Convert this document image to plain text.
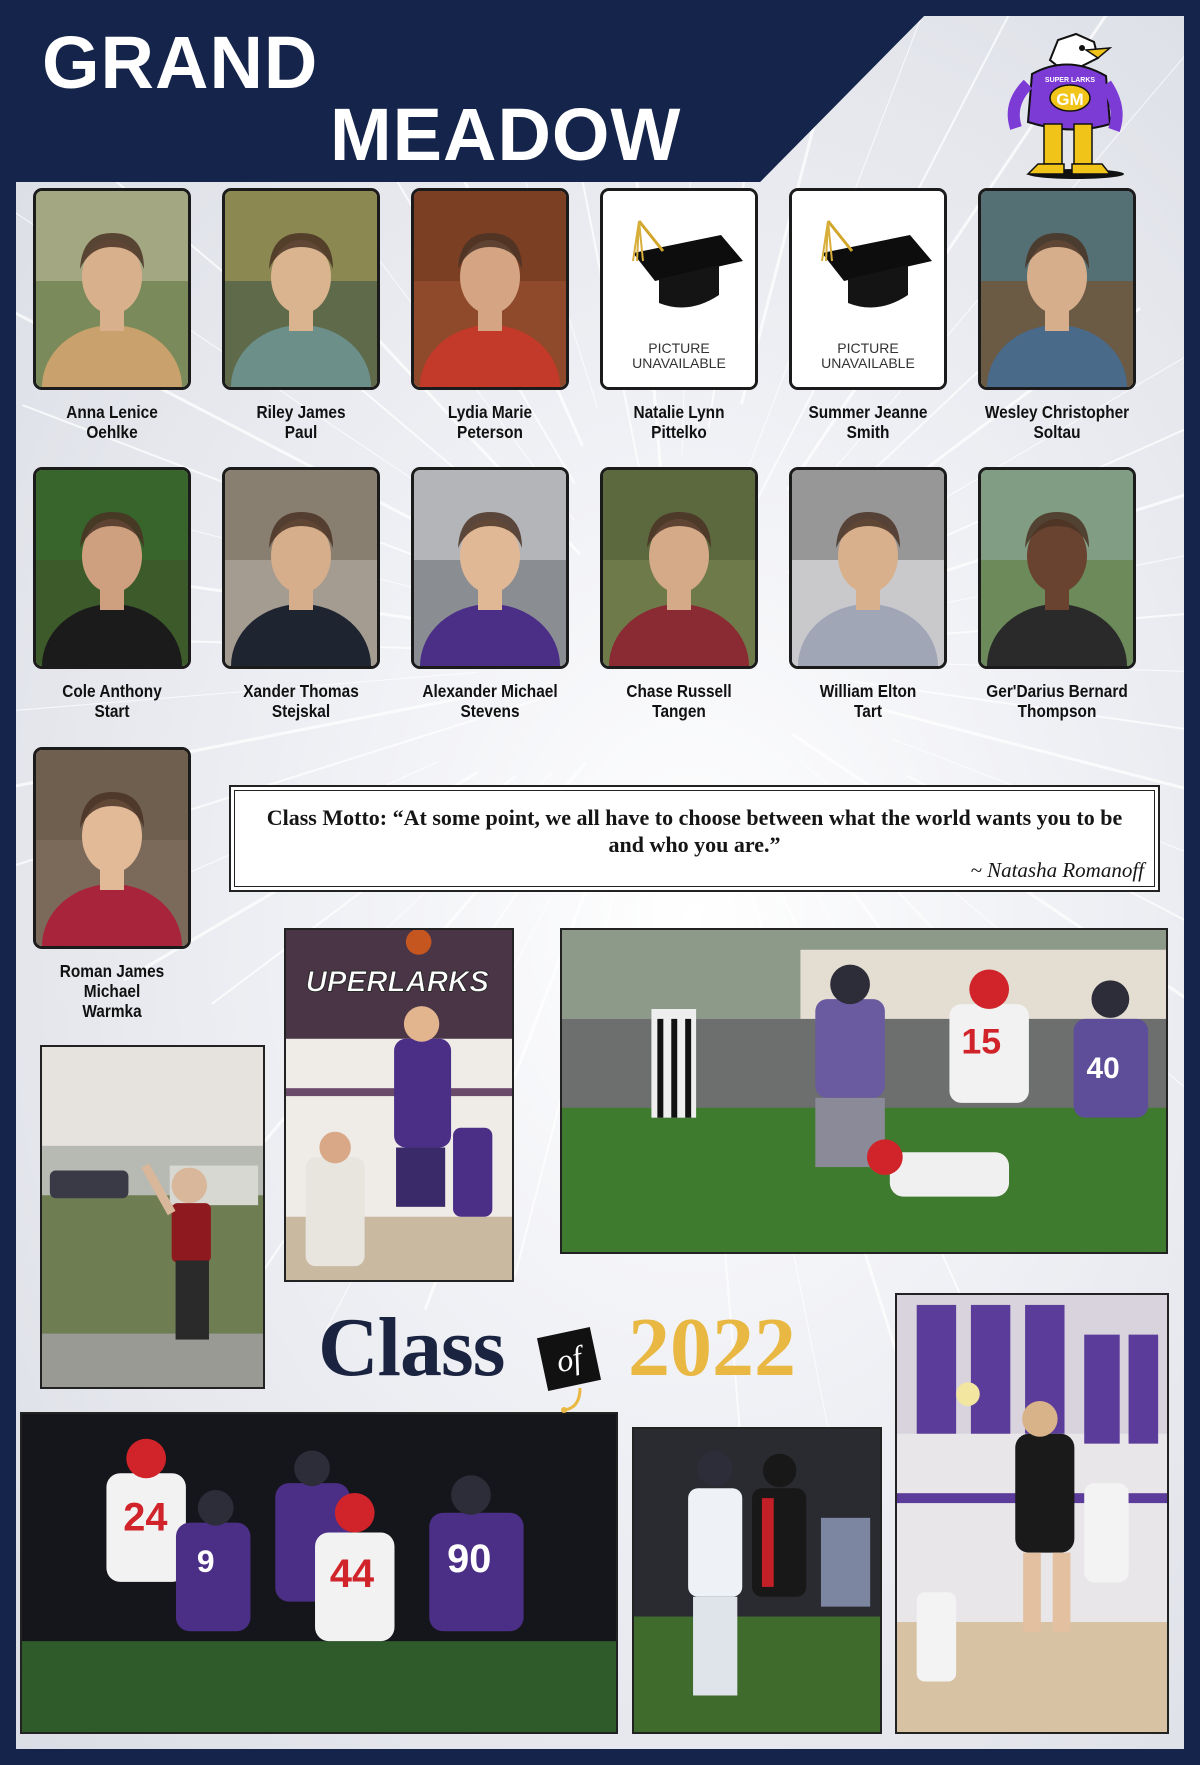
UPERLARKS
15
40
24
9	44 90
Class	of 2022
Class Motto: “At some point, we all have to choose between what the world wants you to be and who you are.”
~ Natasha Romanoff
Anna Lenice
Oehlke
Riley James
Paul
Lydia Marie
Peterson
PICTURE
UNAVAILABLE
Natalie Lynn
Pittelko
PICTURE
UNAVAILABLE
Summer Jeanne
Smith
Wesley Christopher
Soltau
Cole Anthony
Start
Xander Thomas
Stejskal
Alexander Michael
Stevens
Chase Russell
Tangen
William Elton
Tart
Ger'Darius Bernard
Thompson
Roman James Michael
Warmka
GRAND
MEADOW	GM
SUPER LARKS
